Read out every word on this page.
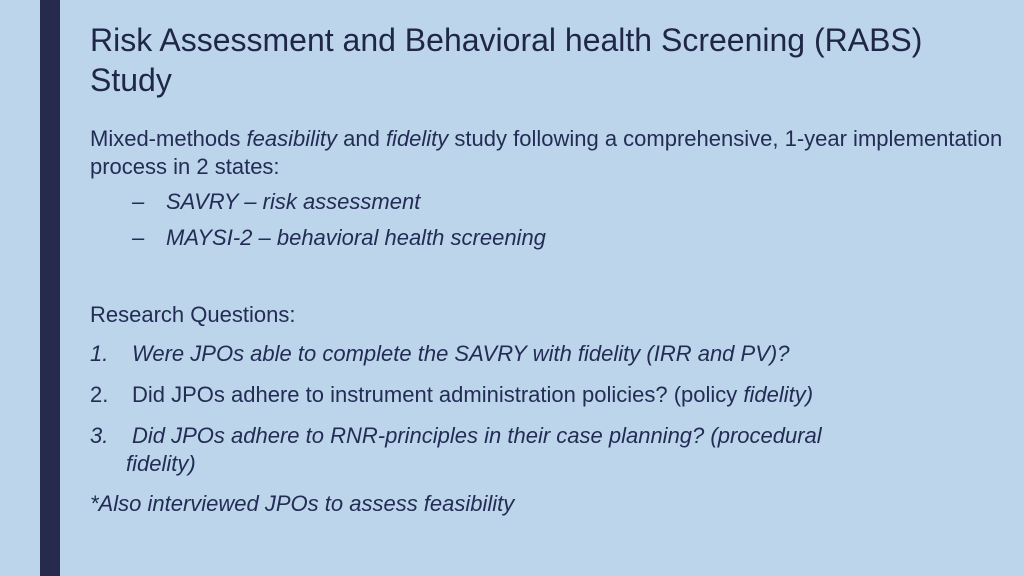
Risk Assessment and Behavioral health Screening (RABS) Study

Mixed-methods feasibility and fidelity study following a comprehensive, 1-year implementation process in 2 states:

– SAVRY – risk assessment
– MAYSI-2 – behavioral health screening
Research Questions:

1. Were JPOs able to complete the SAVRY with fidelity (IRR and PV)?

2. Did JPOs adhere to instrument administration policies? (policy fidelity)

3. Did JPOs adhere to RNR-principles in their case planning? (procedural
fidelity)

*Also interviewed JPOs to assess feasibility
